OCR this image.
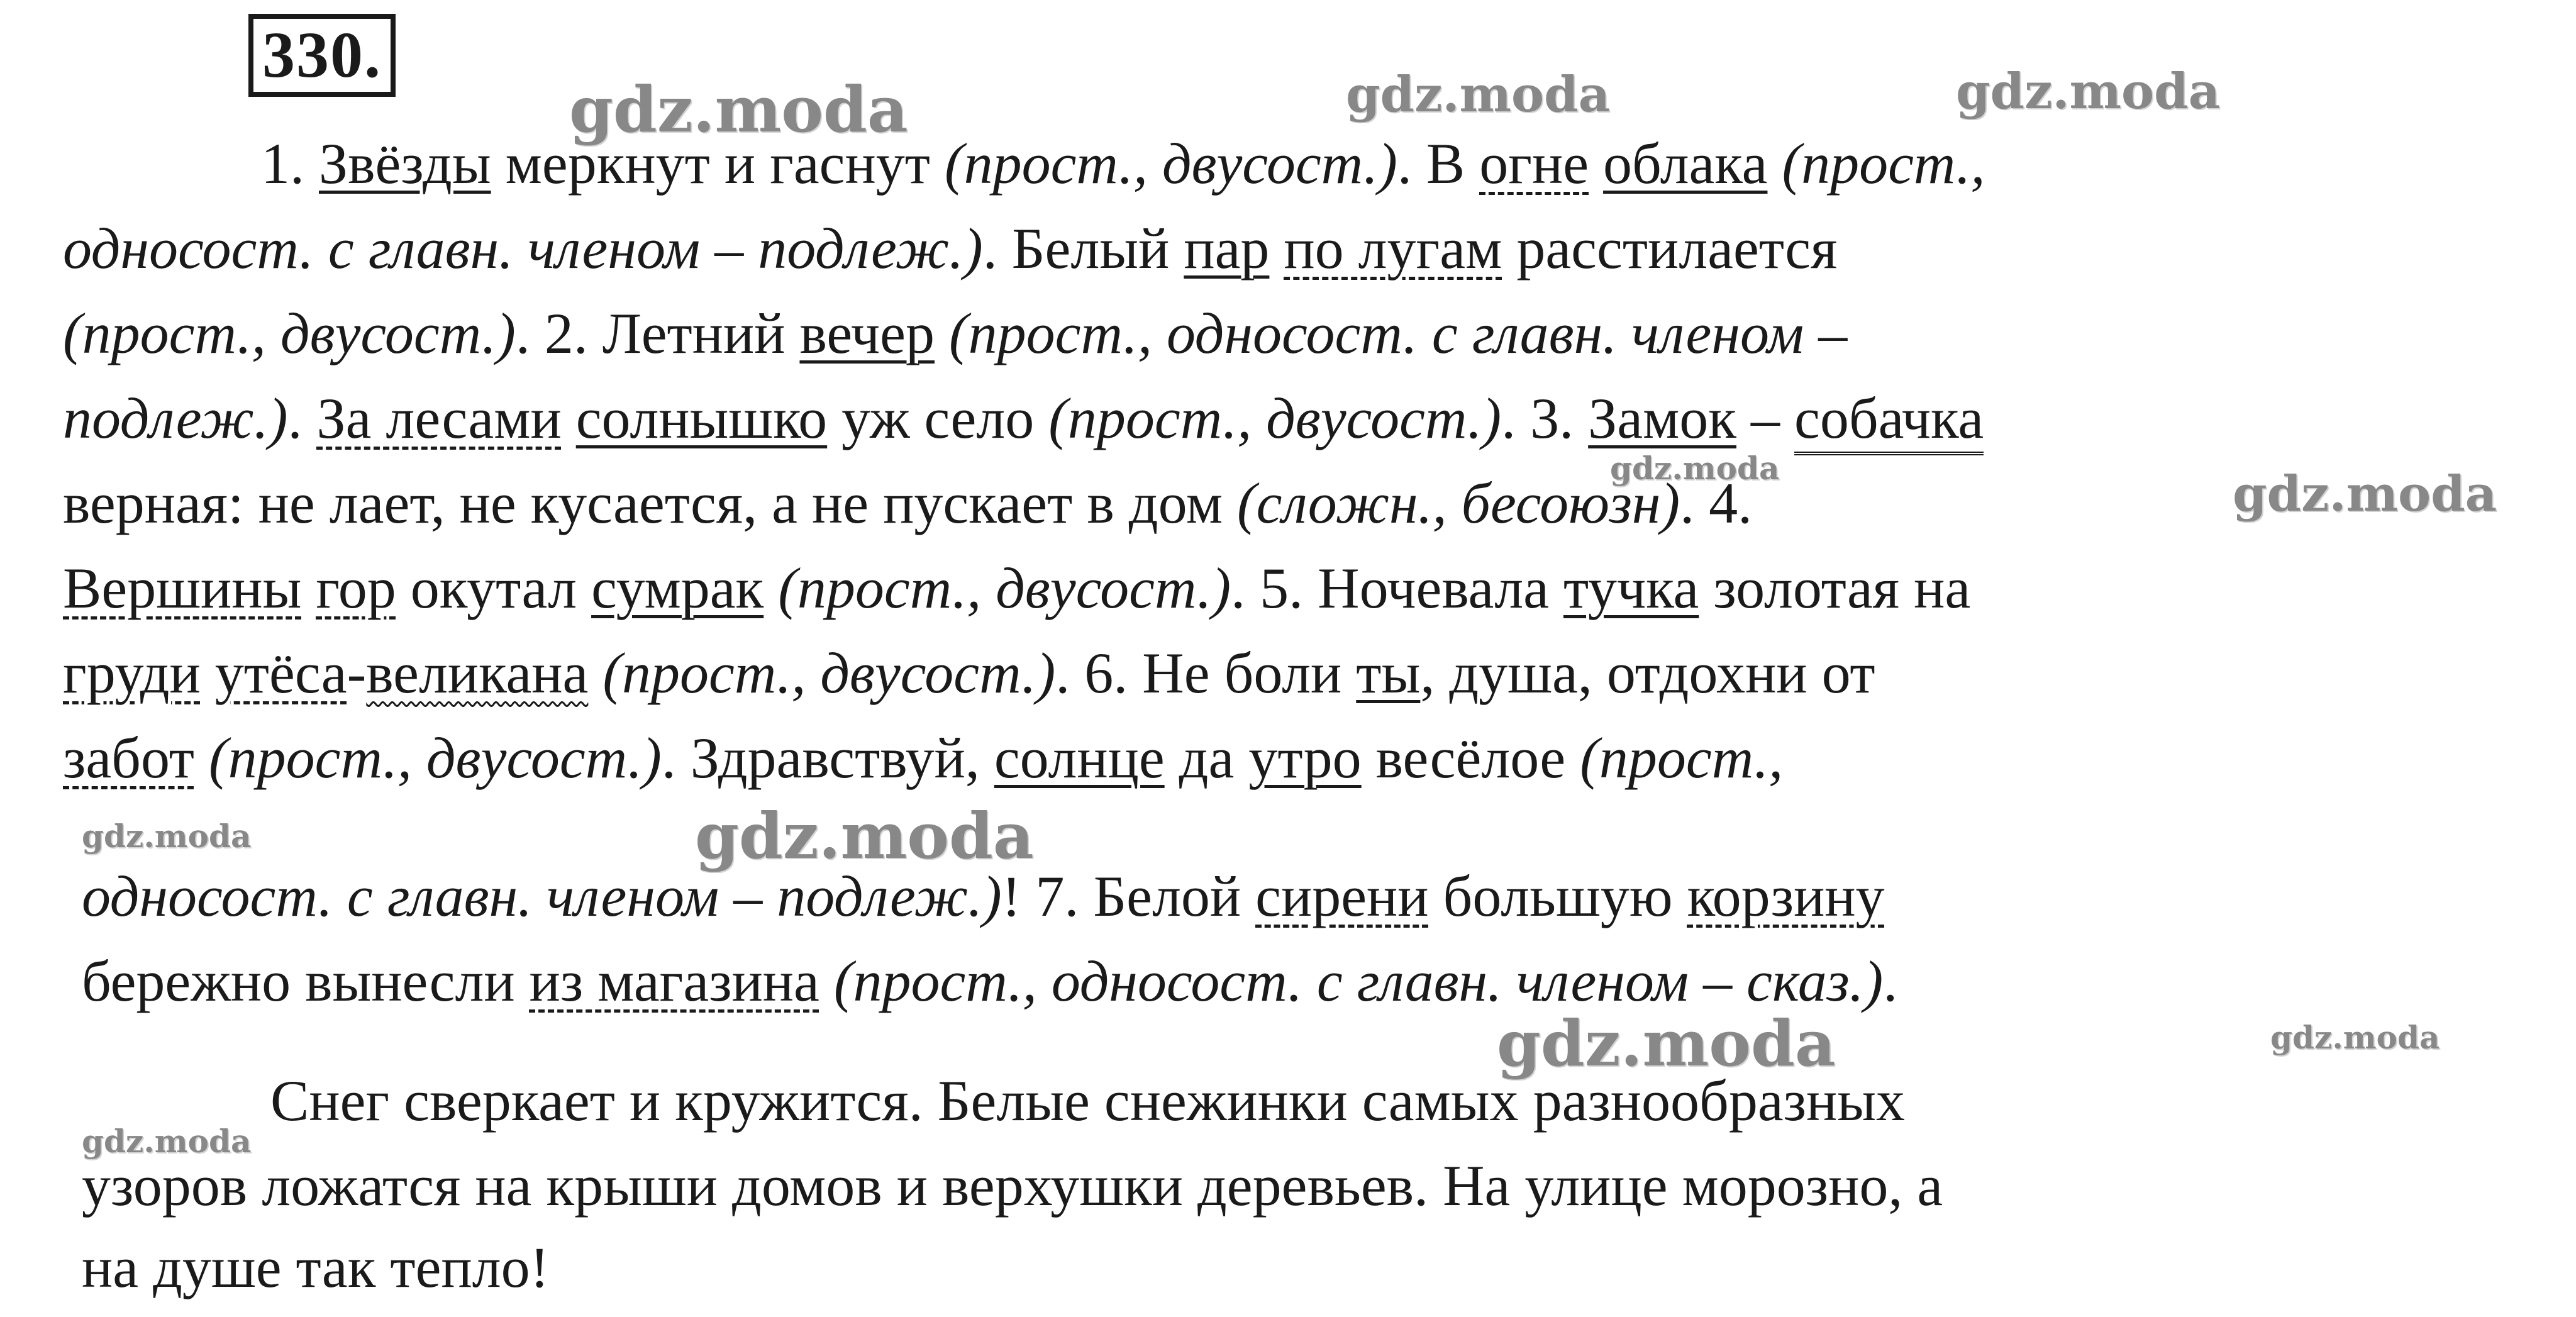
330.
gdz.moda	gdz.moda	gdz.moda
gdz.moda	gdz.moda
gdz.moda	gdz.moda
gdz.moda	gdz.moda
gdz.moda
1. Звёзды меркнут и гаснут (прост., двусост.). В огне облака (прост.,
односост. с главн. членом – подлеж.). Белый пар по лугам расстилается
(прост., двусост.). 2. Летний вечер (прост., односост. с главн. членом –
подлеж.). За лесами солнышко уж село (прост., двусост.). 3. Замок – собачка
верная: не лает, не кусается, а не пускает в дом (сложн., бесоюзн). 4.
Вершины гор окутал сумрак (прост., двусост.). 5. Ночевала тучка золотая на
груди утёса-великана (прост., двусост.). 6. Не боли ты, душа, отдохни от
забот (прост., двусост.). Здравствуй, солнце да утро весёлое (прост.,
односост. с главн. членом – подлеж.)! 7. Белой сирени большую корзину
бережно вынесли из магазина (прост., односост. с главн. членом – сказ.).
Снег сверкает и кружится. Белые снежинки самых разнообразных
узоров ложатся на крыши домов и верхушки деревьев. На улице морозно, а
на душе так тепло!
